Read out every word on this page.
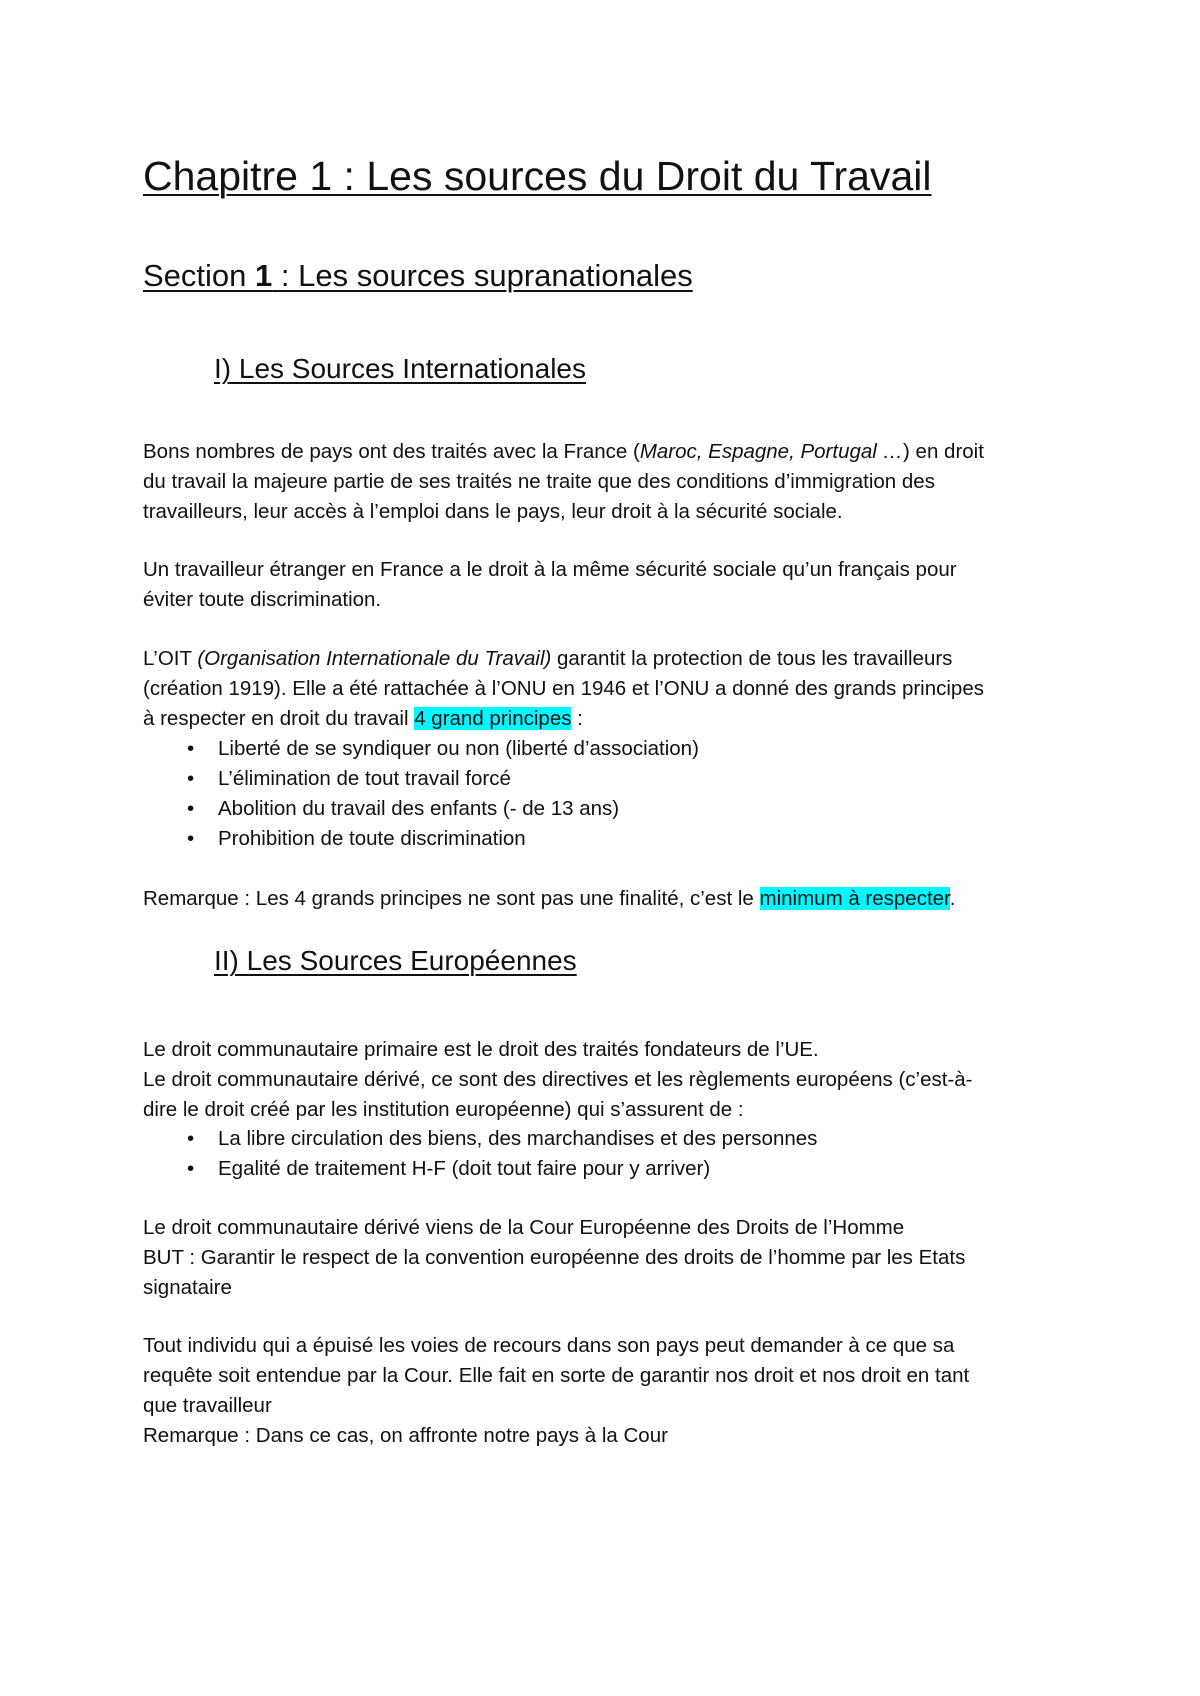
Chapitre 1 : Les sources du Droit du Travail
Section 1 : Les sources supranationales
I) Les Sources Internationales
Bons nombres de pays ont des traités avec la France (Maroc, Espagne, Portugal …) en droit
du travail la majeure partie de ses traités ne traite que des conditions d’immigration des
travailleurs, leur accès à l’emploi dans le pays, leur droit à la sécurité sociale.
Un travailleur étranger en France a le droit à la même sécurité sociale qu’un français pour
éviter toute discrimination.
L’OIT (Organisation Internationale du Travail) garantit la protection de tous les travailleurs
(création 1919). Elle a été rattachée à l’ONU en 1946 et l’ONU a donné des grands principes
à respecter en droit du travail 4 grand principes :
• Liberté de se syndiquer ou non (liberté d’association)
• L’élimination de tout travail forcé
• Abolition du travail des enfants (- de 13 ans)
• Prohibition de toute discrimination
Remarque : Les 4 grands principes ne sont pas une finalité, c’est le minimum à respecter.
II) Les Sources Européennes
Le droit communautaire primaire est le droit des traités fondateurs de l’UE.
Le droit communautaire dérivé, ce sont des directives et les règlements européens (c’est-à-
dire le droit créé par les institution européenne) qui s’assurent de :
• La libre circulation des biens, des marchandises et des personnes
• Egalité de traitement H-F (doit tout faire pour y arriver)
Le droit communautaire dérivé viens de la Cour Européenne des Droits de l’Homme
BUT : Garantir le respect de la convention européenne des droits de l’homme par les Etats
signataire
Tout individu qui a épuisé les voies de recours dans son pays peut demander à ce que sa
requête soit entendue par la Cour. Elle fait en sorte de garantir nos droit et nos droit en tant
que travailleur
Remarque : Dans ce cas, on affronte notre pays à la Cour
